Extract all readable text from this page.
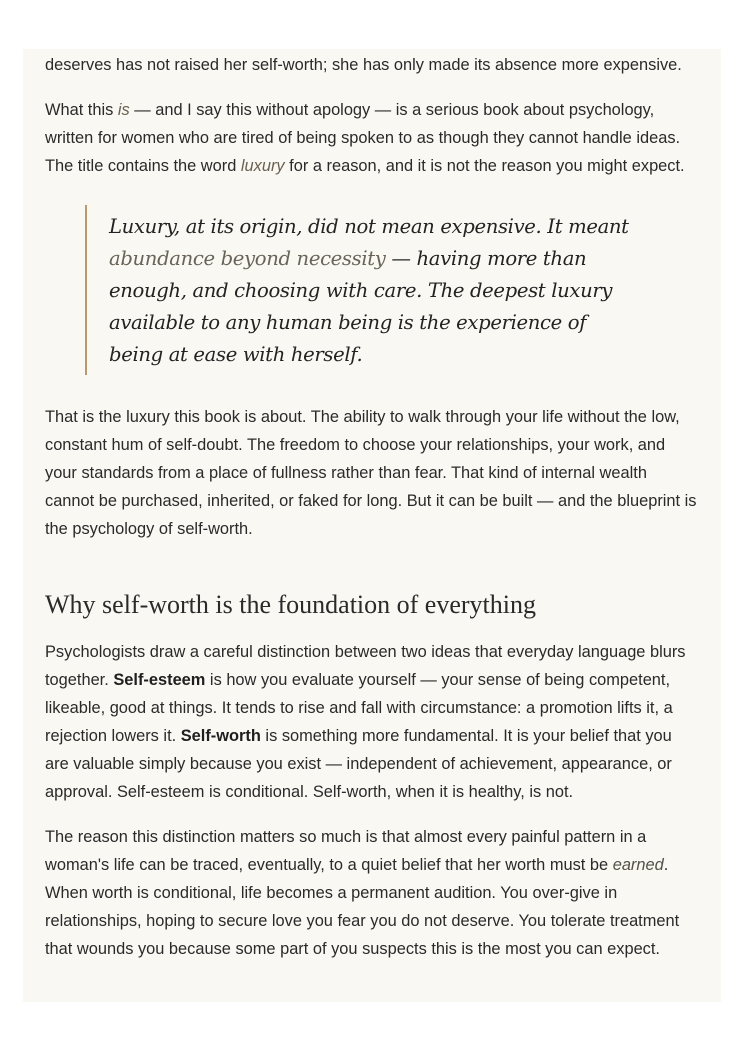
deserves has not raised her self-worth; she has only made its absence more expensive.

What this is — and I say this without apology — is a serious book about psychology, written for women who are tired of being spoken to as though they cannot handle ideas. The title contains the word luxury for a reason, and it is not the reason you might expect.

Luxury, at its origin, did not mean expensive. It meant abundance beyond necessity — having more than enough, and choosing with care. The deepest luxury available to any human being is the experience of being at ease with herself.

That is the luxury this book is about. The ability to walk through your life without the low, constant hum of self-doubt. The freedom to choose your relationships, your work, and your standards from a place of fullness rather than fear. That kind of internal wealth cannot be purchased, inherited, or faked for long. But it can be built — and the blueprint is the psychology of self-worth.

Why self-worth is the foundation of everything

Psychologists draw a careful distinction between two ideas that everyday language blurs together. Self-esteem is how you evaluate yourself — your sense of being competent, likeable, good at things. It tends to rise and fall with circumstance: a promotion lifts it, a rejection lowers it. Self-worth is something more fundamental. It is your belief that you are valuable simply because you exist — independent of achievement, appearance, or approval. Self-esteem is conditional. Self-worth, when it is healthy, is not.

The reason this distinction matters so much is that almost every painful pattern in a woman's life can be traced, eventually, to a quiet belief that her worth must be earned. When worth is conditional, life becomes a permanent audition. You over-give in relationships, hoping to secure love you fear you do not deserve. You tolerate treatment that wounds you because some part of you suspects this is the most you can expect.
